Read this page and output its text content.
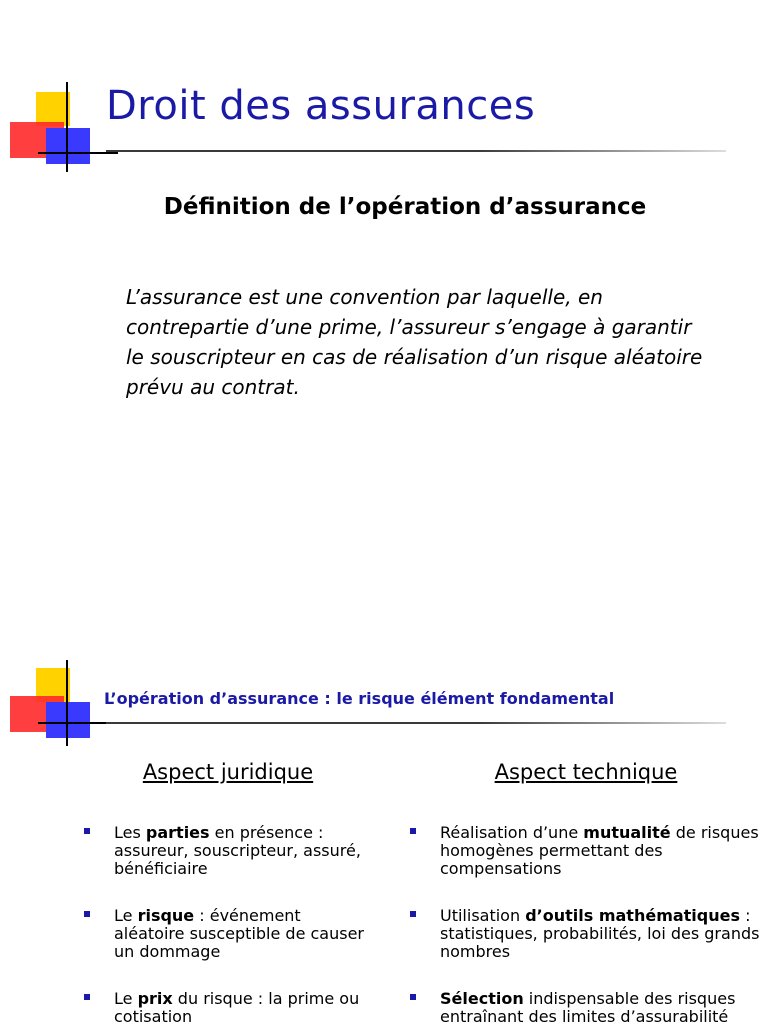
Droit des assurances
Définition de l’opération d’assurance
L’assurance est une convention par laquelle, en contrepartie d’une prime, l’assureur s’engage à garantir le souscripteur en cas de réalisation d’un risque aléatoire prévu au contrat.
L’opération d’assurance : le risque élément fondamental
Aspect juridique	Aspect technique
Les parties en présence : assureur, souscripteur, assuré, bénéficiaire
Le risque : événement aléatoire susceptible de causer un dommage
Le prix du risque : la prime ou cotisation
Réalisation d’une mutualité de risques homogènes permettant des compensations
Utilisation d’outils mathématiques : statistiques, probabilités, loi des grands nombres
Sélection indispensable des risques entraînant des limites d’assurabilité
